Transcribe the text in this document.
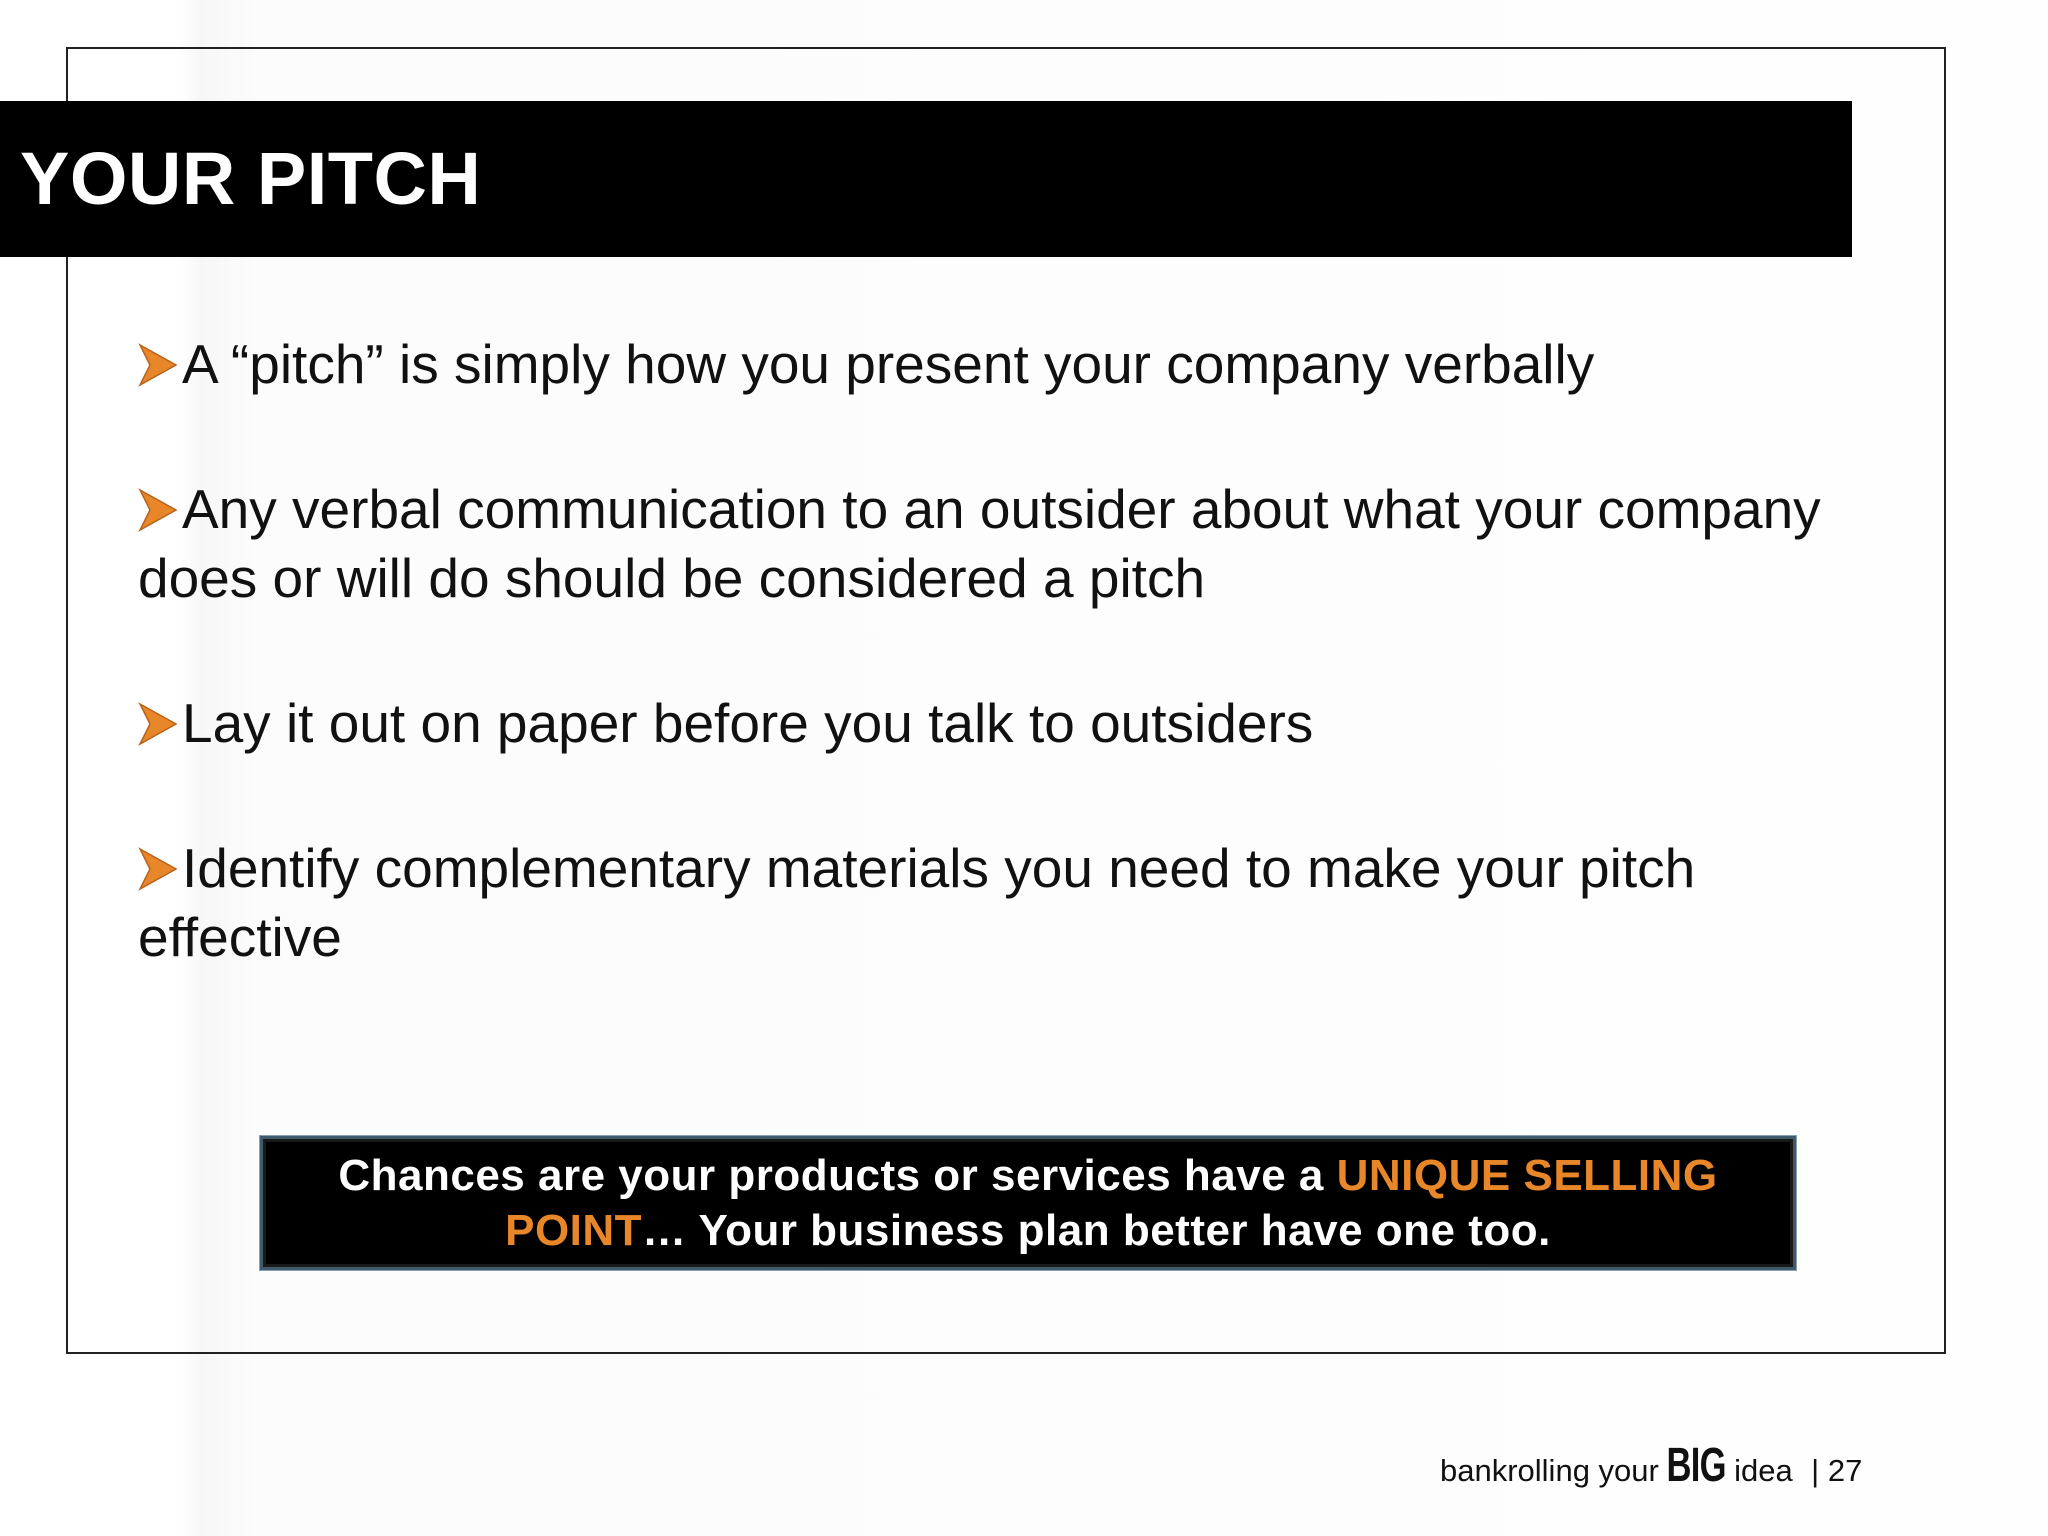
YOUR PITCH
A “pitch” is simply how you present your company verbally
Any verbal communication to an outsider about what your company does or will do should be considered a pitch
Lay it out on paper before you talk to outsiders
Identify complementary materials you need to make your pitch effective

Chances are your products or services have a UNIQUE SELLING POINT… Your business plan better have one too.

bankrolling your BIG idea | 27
